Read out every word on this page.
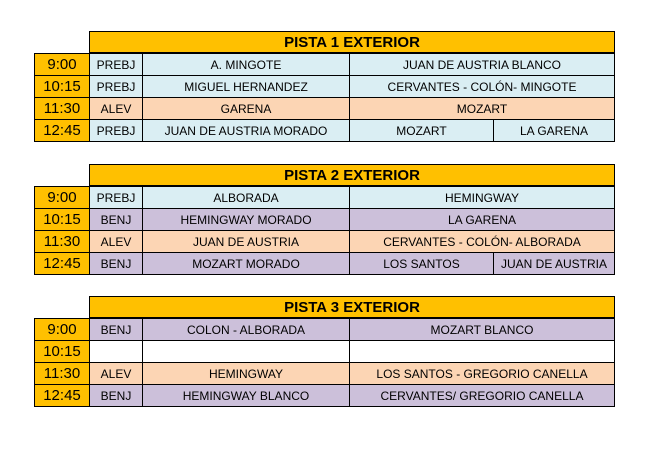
PISTA 1 EXTERIOR
9:00	PREBJ	A. MINGOTE	JUAN DE AUSTRIA BLANCO
10:15	PREBJ	MIGUEL HERNANDEZ	CERVANTES - COLÓN- MINGOTE
11:30	ALEV	GARENA	MOZART
12:45	PREBJ	JUAN DE AUSTRIA MORADO	MOZART	LA GARENA
PISTA 2 EXTERIOR
9:00	PREBJ	ALBORADA	HEMINGWAY
10:15	BENJ	HEMINGWAY MORADO	LA GARENA
11:30	ALEV	JUAN DE AUSTRIA	CERVANTES - COLÓN- ALBORADA
12:45	BENJ	MOZART MORADO	LOS SANTOS	JUAN DE AUSTRIA
PISTA 3 EXTERIOR
9:00	BENJ	COLON - ALBORADA	MOZART BLANCO
10:15
11:30	ALEV	HEMINGWAY	LOS SANTOS - GREGORIO CANELLA
12:45	BENJ	HEMINGWAY BLANCO	CERVANTES/ GREGORIO CANELLA
